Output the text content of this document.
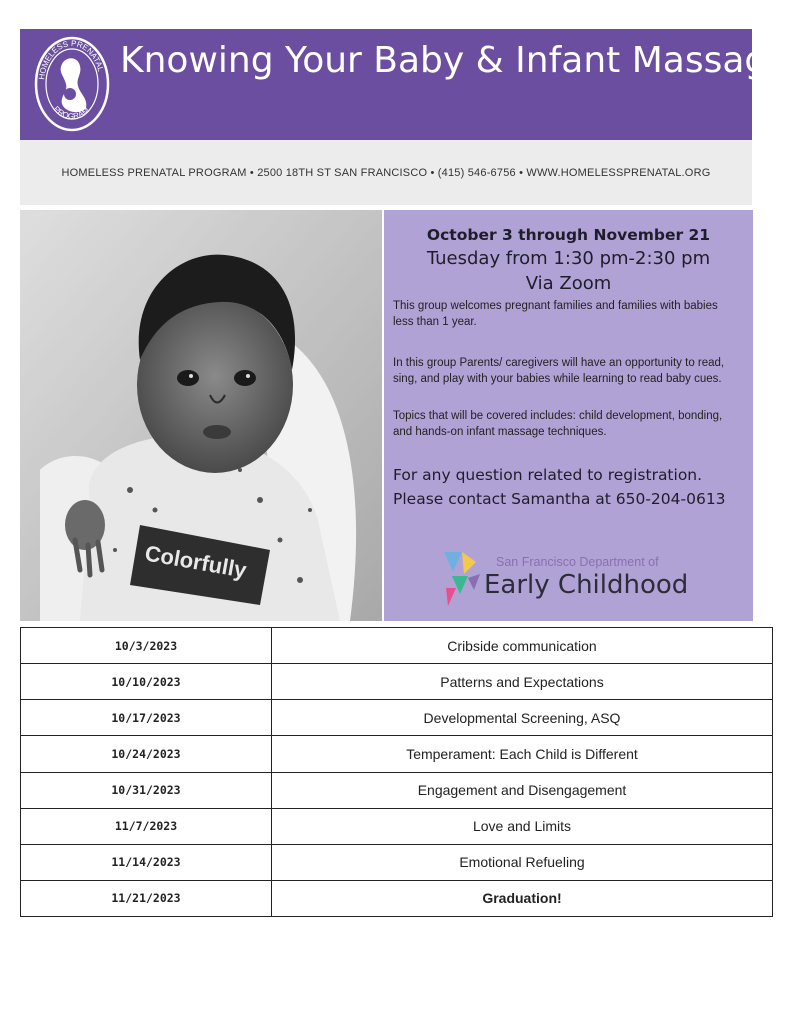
HOMELESS PRENATAL
PROGRAM
Knowing Your Baby & Infant Massage
HOMELESS PRENATAL PROGRAM • 2500 18TH ST SAN FRANCISCO • (415) 546-6756 • WWW.HOMELESSPRENATAL.ORG
Colorfully
October 3 through November 21
Tuesday from 1:30 pm-2:30 pm
Via Zoom
This group welcomes pregnant families and families with babies less than 1 year.
In this group Parents/ caregivers will have an opportunity to read, sing, and play with your babies while learning to read baby cues.
Topics that will be covered includes: child development, bonding, and hands-on infant massage techniques.
For any question related to registration.
Please contact Samantha at 650-204-0613
San Francisco Department of
Early Childhood
10/3/2023	Cribside communication
10/10/2023	Patterns and Expectations
10/17/2023	Developmental Screening, ASQ
10/24/2023	Temperament: Each Child is Different
10/31/2023	Engagement and Disengagement
11/7/2023	Love and Limits
11/14/2023	Emotional Refueling
11/21/2023	Graduation!
